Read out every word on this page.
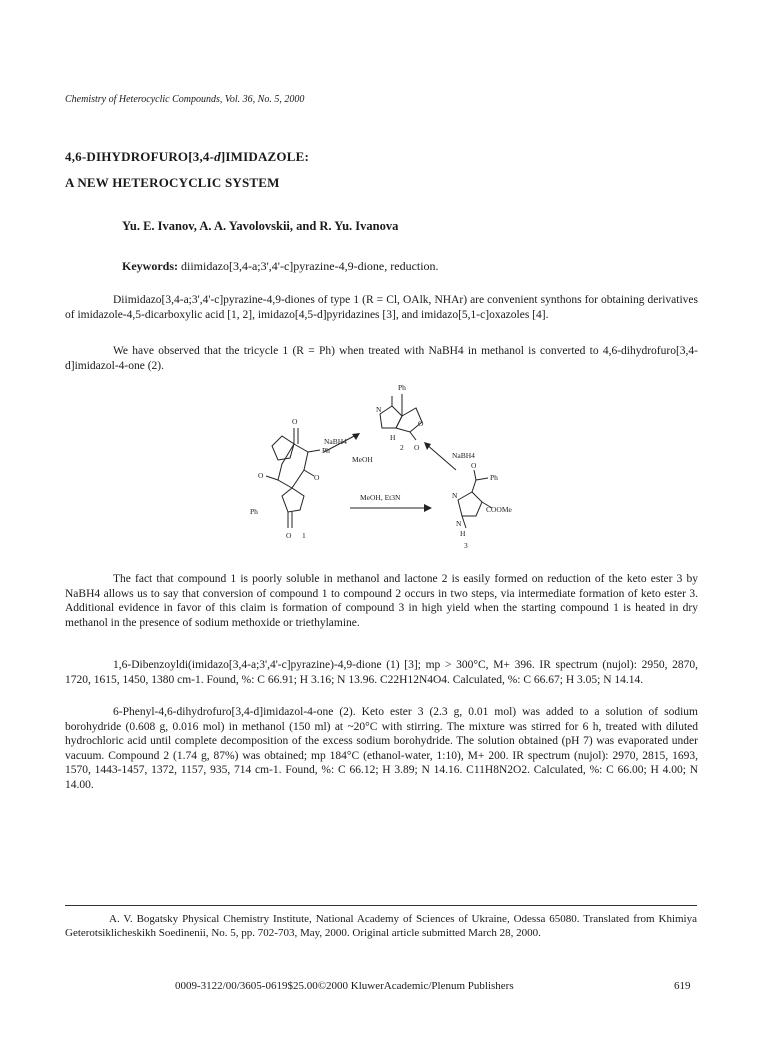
Chemistry of Heterocyclic Compounds, Vol. 36, No. 5, 2000
4,6-DIHYDROFURO[3,4-d]IMIDAZOLE:
A NEW HETEROCYCLIC SYSTEM
Yu. E. Ivanov, A. A. Yavolovskii, and R. Yu. Ivanova
Keywords: diimidazo[3,4-a;3',4'-c]pyrazine-4,9-dione, reduction.
Diimidazo[3,4-a;3',4'-c]pyrazine-4,9-diones of type 1 (R = Cl, OAlk, NHAr) are convenient synthons for obtaining derivatives of imidazole-4,5-dicarboxylic acid [1, 2], imidazo[4,5-d]pyridazines [3], and imidazo[5,1-c]oxazoles [4].
We have observed that the tricycle 1 (R = Ph) when treated with NaBH4 in methanol is converted to 4,6-dihydrofuro[3,4-d]imidazol-4-one (2).
O
Ph
O
O
Ph
O 1
Ph
N
O
H
2 O
NaBH4
MeOH	NaBH4
MeOH, Et3N
O
Ph
N
COOMe
N
H
3
The fact that compound 1 is poorly soluble in methanol and lactone 2 is easily formed on reduction of the keto ester 3 by NaBH4 allows us to say that conversion of compound 1 to compound 2 occurs in two steps, via intermediate formation of keto ester 3. Additional evidence in favor of this claim is formation of compound 3 in high yield when the starting compound 1 is heated in dry methanol in the presence of sodium methoxide or triethylamine.
1,6-Dibenzoyldi(imidazo[3,4-a;3',4'-c]pyrazine)-4,9-dione (1) [3]; mp > 300°C, M+ 396. IR spectrum (nujol): 2950, 2870, 1720, 1615, 1450, 1380 cm-1. Found, %: C 66.91; H 3.16; N 13.96. C22H12N4O4. Calculated, %: C 66.67; H 3.05; N 14.14.
6-Phenyl-4,6-dihydrofuro[3,4-d]imidazol-4-one (2). Keto ester 3 (2.3 g, 0.01 mol) was added to a solution of sodium borohydride (0.608 g, 0.016 mol) in methanol (150 ml) at ~20°C with stirring. The mixture was stirred for 6 h, treated with diluted hydrochloric acid until complete decomposition of the excess sodium borohydride. The solution obtained (pH 7) was evaporated under vacuum. Compound 2 (1.74 g, 87%) was obtained; mp 184°C (ethanol-water, 1:10), M+ 200. IR spectrum (nujol): 2970, 2815, 1693, 1570, 1443-1457, 1372, 1157, 935, 714 cm-1. Found, %: C 66.12; H 3.89; N 14.16. C11H8N2O2. Calculated, %: C 66.00; H 4.00; N 14.00.
A. V. Bogatsky Physical Chemistry Institute, National Academy of Sciences of Ukraine, Odessa 65080. Translated from Khimiya Geterotsiklicheskikh Soedinenii, No. 5, pp. 702-703, May, 2000. Original article submitted March 28, 2000.
0009-3122/00/3605-0619$25.00©2000 KluwerAcademic/Plenum Publishers	619
